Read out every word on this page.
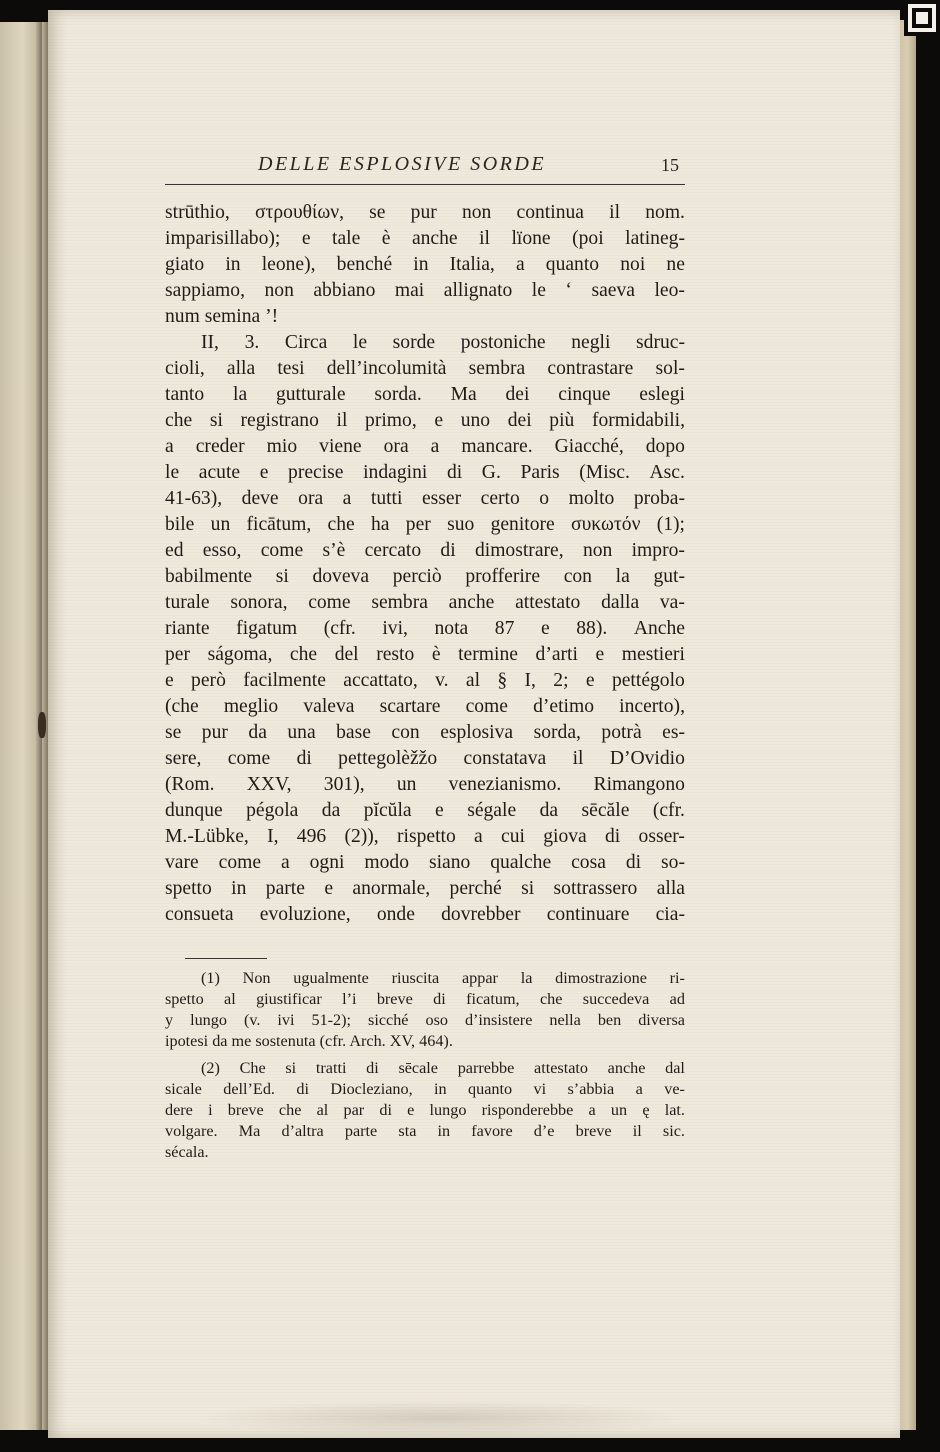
DELLE ESPLOSIVE SORDE	15
strūthio, στρουθίων, se pur non continua il nom.
imparisillabo); e tale è anche il lïone (poi latineg-
giato in leone), benché in Italia, a quanto noi ne
sappiamo, non abbiano mai allignato le ‘ saeva leo-
num semina ’!
II, 3. Circa le sorde postoniche negli sdruc-
cioli, alla tesi dell’incolumità sembra contrastare sol-
tanto la gutturale sorda. Ma dei cinque eslegi
che si registrano il primo, e uno dei più formidabili,
a creder mio viene ora a mancare. Giacché, dopo
le acute e precise indagini di G. Paris (Misc. Asc.
41-63), deve ora a tutti esser certo o molto proba-
bile un ficātum, che ha per suo genitore συκωτόν (1);
ed esso, come s’è cercato di dimostrare, non impro-
babilmente si doveva perciò profferire con la gut-
turale sonora, come sembra anche attestato dalla va-
riante figatum (cfr. ivi, nota 87 e 88). Anche
per ságoma, che del resto è termine d’arti e mestieri
e però facilmente accattato, v. al § I, 2; e pettégolo
(che meglio valeva scartare come d’etimo incerto),
se pur da una base con esplosiva sorda, potrà es-
sere, come di pettegolèžžo constatava il D’Ovidio
(Rom. XXV, 301), un venezianismo. Rimangono
dunque pégola da pĭcŭla e ségale da sēcăle (cfr.
M.-Lübke, I, 496 (2)), rispetto a cui giova di osser-
vare come a ogni modo siano qualche cosa di so-
spetto in parte e anormale, perché si sottrassero alla
consueta evoluzione, onde dovrebber continuare cia-
(1) Non ugualmente riuscita appar la dimostrazione ri-
spetto al giustificar l’i breve di ficatum, che succedeva ad
y lungo (v. ivi 51-2); sicché oso d’insistere nella ben diversa
ipotesi da me sostenuta (cfr. Arch. XV, 464).
(2) Che si tratti di sēcale parrebbe attestato anche dal
sicale dell’Ed. di Diocleziano, in quanto vi s’abbia a ve-
dere i breve che al par di e lungo risponderebbe a un ę lat.
volgare. Ma d’altra parte sta in favore d’e breve il sic.
sécala.
